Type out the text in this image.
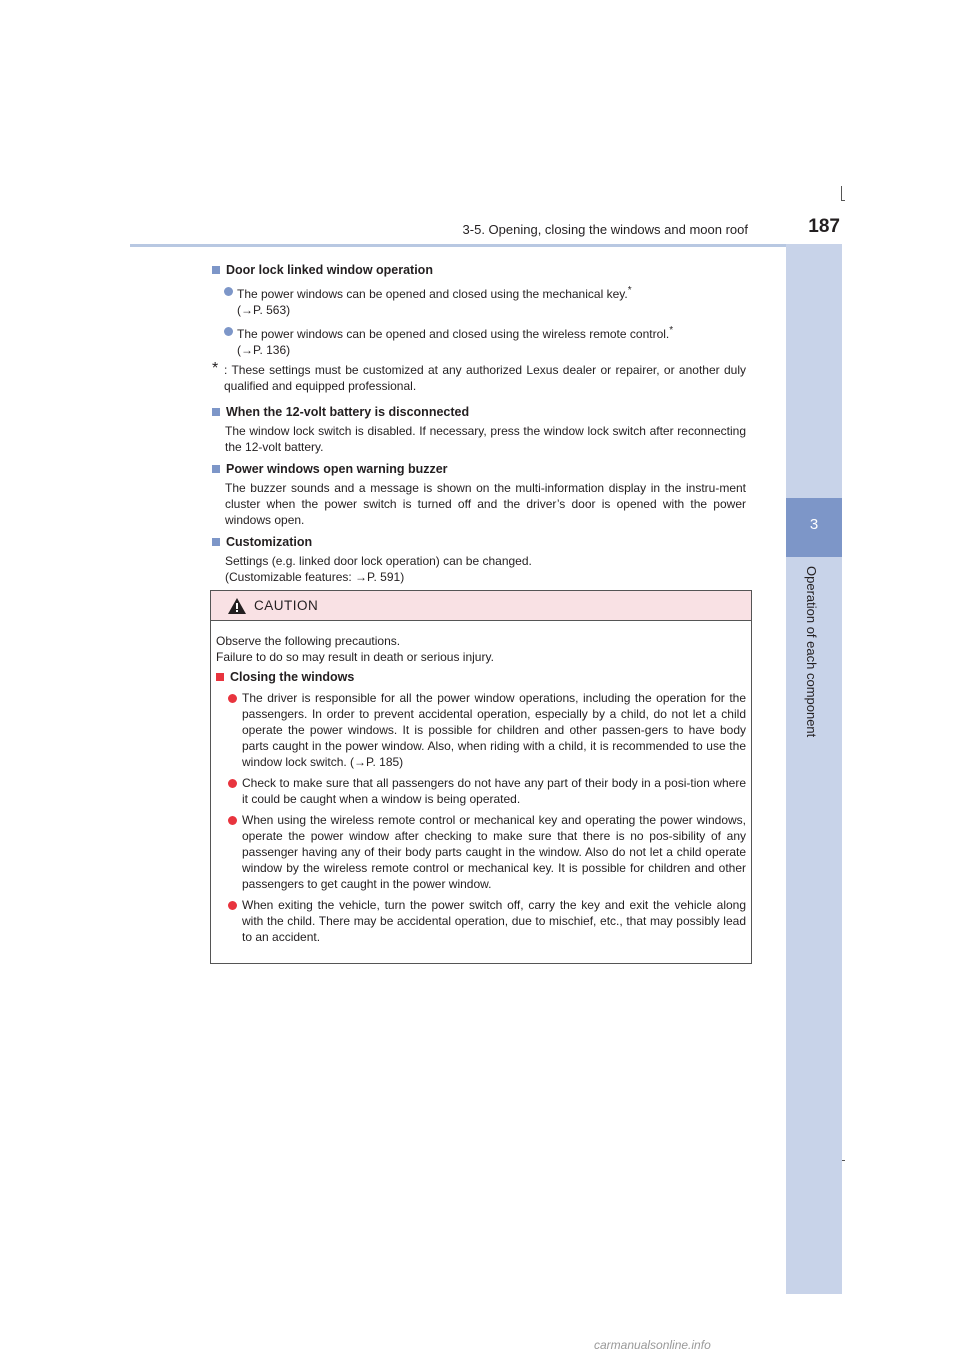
3-5. Opening, closing the windows and moon roof	187
3
Operation of each component
Door lock linked window operation
The power windows can be opened and closed using the mechanical key.*
(→P. 563)
The power windows can be opened and closed using the wireless remote control.*
(→P. 136)
* : These settings must be customized at any authorized Lexus dealer or repairer, or another duly qualified and equipped professional.
When the 12-volt battery is disconnected
The window lock switch is disabled. If necessary, press the window lock switch after reconnecting the 12-volt battery.
Power windows open warning buzzer
The buzzer sounds and a message is shown on the multi-information display in the instru-ment cluster when the power switch is turned off and the driver’s door is opened with the power windows open.
Customization
Settings (e.g. linked door lock operation) can be changed.
(Customizable features: →P. 591)
CAUTION
Observe the following precautions.
Failure to do so may result in death or serious injury.
Closing the windows
The driver is responsible for all the power window operations, including the operation for the passengers. In order to prevent accidental operation, especially by a child, do not let a child operate the power windows. It is possible for children and other passen-gers to have body parts caught in the power window. Also, when riding with a child, it is recommended to use the window lock switch. (→P. 185)
Check to make sure that all passengers do not have any part of their body in a posi-tion where it could be caught when a window is being operated.
When using the wireless remote control or mechanical key and operating the power windows, operate the power window after checking to make sure that there is no pos-sibility of any passenger having any of their body parts caught in the window. Also do not let a child operate window by the wireless remote control or mechanical key. It is possible for children and other passengers to get caught in the power window.
When exiting the vehicle, turn the power switch off, carry the key and exit the vehicle along with the child. There may be accidental operation, due to mischief, etc., that may possibly lead to an accident.
carmanualsonline.info
